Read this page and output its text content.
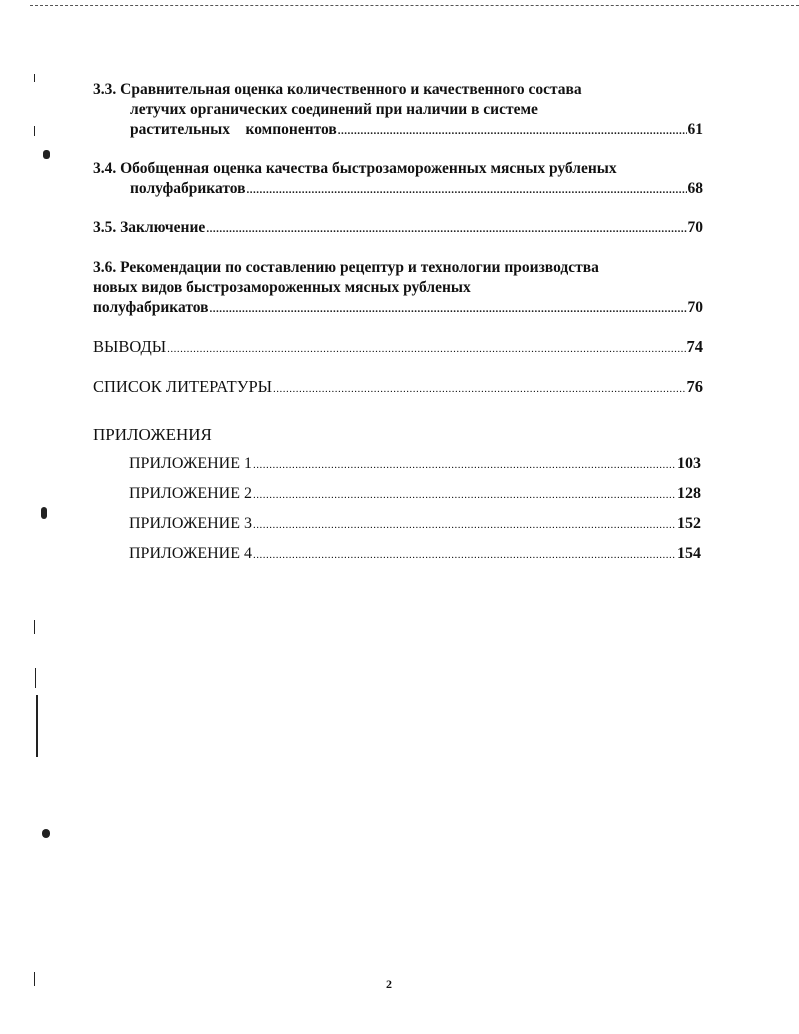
3.3. Сравнительная оценка количественного и качественного состава
летучих органических соединений при наличии в системе
растительных    компонентов .....	61
3.4. Обобщенная оценка качества быстрозамороженных мясных рубленых
полуфабрикатов .....	68
3.5. Заключение .....	70
3.6. Рекомендации по составлению рецептур и технологии производства
новых видов быстрозамороженных мясных рубленых
полуфабрикатов .....	70
ВЫВОДЫ .....	74
СПИСОК ЛИТЕРАТУРЫ .....	76
ПРИЛОЖЕНИЯ
ПРИЛОЖЕНИЕ 1 .....	103
ПРИЛОЖЕНИЕ 2 .....	128
ПРИЛОЖЕНИЕ 3 .....	152
ПРИЛОЖЕНИЕ 4 .....	154
2
